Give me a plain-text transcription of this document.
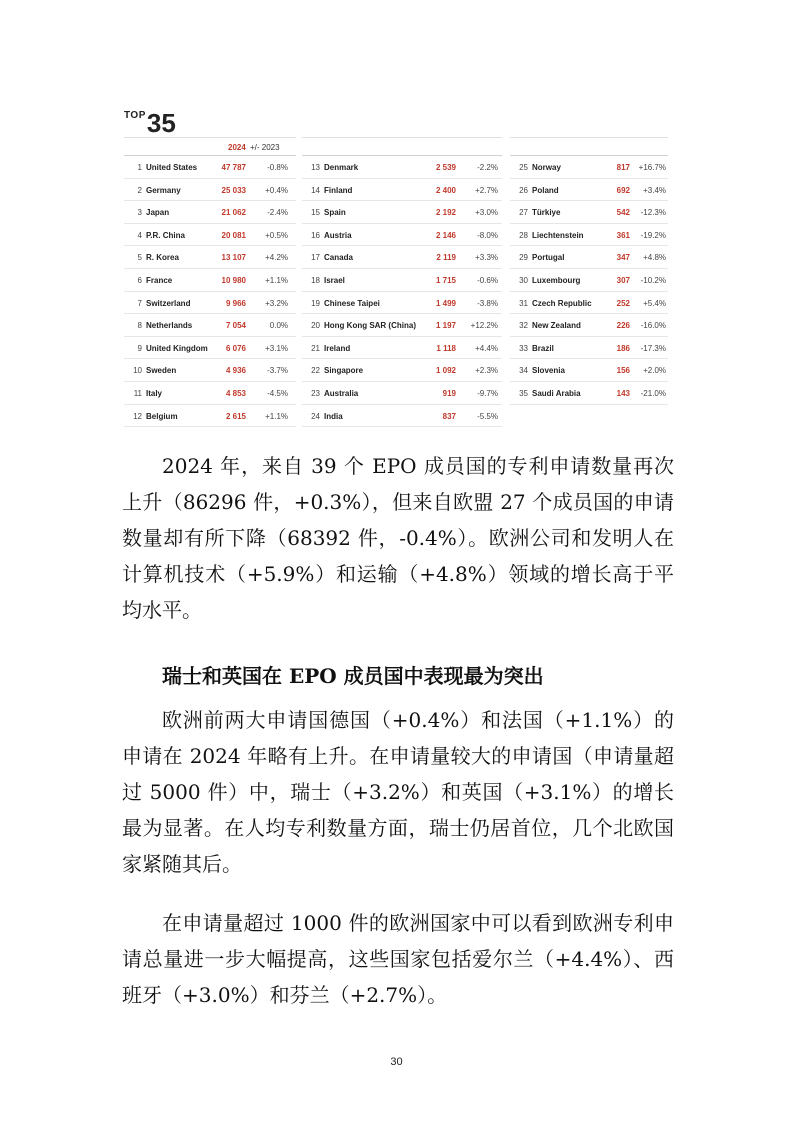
$^{TOP}$35
2024 +/- 2023
1 United States	47 787	-0.8%
2 Germany	25 033 +0.4%
3 Japan	21 062	-2.4%
4 P.R. China	20 081 +0.5%
5 R. Korea	13 107 +4.2%
6 France	10 980 +1.1%
7 Switzerland	9 966 +3.2%
8 Netherlands	7 054	0.0%
9 United Kingdom 6 076 +3.1%
10 Sweden	4 936	-3.7%
11 Italy	4 853	-4.5%
12 Belgium	2 615 +1.1%
13 Denmark	2 539	-2.2%
14 Finland	2 400 +2.7%
15 Spain	2 192 +3.0%
16 Austria	2 146	-8.0%
17 Canada	2 119 +3.3%
18 Israel	1 715	-0.6%
19 Chinese Taipei	1 499	-3.8%
20 Hong Kong SAR (China) 1 197 +12.2%
21 Ireland	1 118 +4.4%
22 Singapore	1 092 +2.3%
23 Australia	919	-9.7%
24 India	837	-5.5%
25 Norway	817 +16.7%
26 Poland	692 +3.4%
27 Türkiye	542 -12.3%
28 Liechtenstein	361 -19.2%
29 Portugal	347 +4.8%
30 Luxembourg	307 -10.2%
31 Czech Republic	252 +5.4%
32 New Zealand	226 -16.0%
33 Brazil	186 -17.3%
34 Slovenia	156 +2.0%
35 Saudi Arabia	143 -21.0%

2024 年，来自 39 个 EPO 成员国的专利申请数量再次上升（86296 件，+0.3%），但来自欧盟 27 个成员国的申请数量却有所下降（68392 件，-0.4%）。欧洲公司和发明人在计算机技术（+5.9%）和运输（+4.8%）领域的增长高于平均水平。

瑞士和英国在 EPO 成员国中表现最为突出

欧洲前两大申请国德国（+0.4%）和法国（+1.1%）的申请在 2024 年略有上升。在申请量较大的申请国（申请量超过 5000 件）中，瑞士（+3.2%）和英国（+3.1%）的增长最为显著。在人均专利数量方面，瑞士仍居首位，几个北欧国家紧随其后。

在申请量超过 1000 件的欧洲国家中可以看到欧洲专利申请总量进一步大幅提高，这些国家包括爱尔兰（+4.4%）、西班牙（+3.0%）和芬兰（+2.7%）。

30
